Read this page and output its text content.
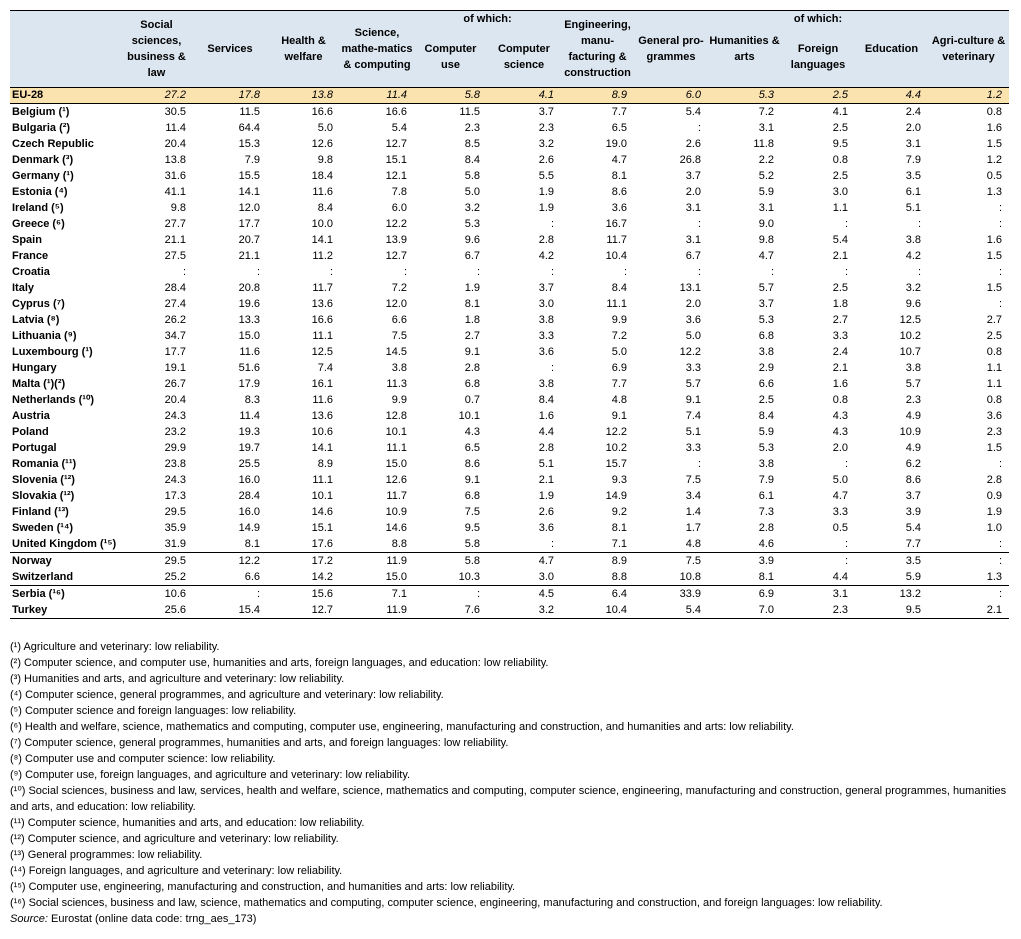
	Social sciences, business & law	Services	Health & welfare	Science, mathe-matics & computing	of which:		Engineering, manu-facturing & construction	General pro-grammes	Humanities & arts	of which:	Education	Agri-culture & veterinary
					Computer use	Computer science				Foreign languages		
EU-28	27.2	17.8	13.8	11.4	5.8	4.1	8.9	6.0	5.3	2.5	4.4	1.2
Belgium (¹)	30.5	11.5	16.6	16.6	11.5	3.7	7.7	5.4	7.2	4.1	2.4	0.8
Bulgaria (²)	11.4	64.4	5.0	5.4	2.3	2.3	6.5	:	3.1	2.5	2.0	1.6
Czech Republic	20.4	15.3	12.6	12.7	8.5	3.2	19.0	2.6	11.8	9.5	3.1	1.5
Denmark (³)	13.8	7.9	9.8	15.1	8.4	2.6	4.7	26.8	2.2	0.8	7.9	1.2
Germany (¹)	31.6	15.5	18.4	12.1	5.8	5.5	8.1	3.7	5.2	2.5	3.5	0.5
Estonia (⁴)	41.1	14.1	11.6	7.8	5.0	1.9	8.6	2.0	5.9	3.0	6.1	1.3
Ireland (⁵)	9.8	12.0	8.4	6.0	3.2	1.9	3.6	3.1	3.1	1.1	5.1	:
Greece (⁶)	27.7	17.7	10.0	12.2	5.3	:	16.7	:	9.0	:	:	:
Spain	21.1	20.7	14.1	13.9	9.6	2.8	11.7	3.1	9.8	5.4	3.8	1.6
France	27.5	21.1	11.2	12.7	6.7	4.2	10.4	6.7	4.7	2.1	4.2	1.5
Croatia	:	:	:	:	:	:	:	:	:	:	:	:
Italy	28.4	20.8	11.7	7.2	1.9	3.7	8.4	13.1	5.7	2.5	3.2	1.5
Cyprus (⁷)	27.4	19.6	13.6	12.0	8.1	3.0	11.1	2.0	3.7	1.8	9.6	:
Latvia (⁸)	26.2	13.3	16.6	6.6	1.8	3.8	9.9	3.6	5.3	2.7	12.5	2.7
Lithuania (⁹)	34.7	15.0	11.1	7.5	2.7	3.3	7.2	5.0	6.8	3.3	10.2	2.5
Luxembourg (¹)	17.7	11.6	12.5	14.5	9.1	3.6	5.0	12.2	3.8	2.4	10.7	0.8
Hungary	19.1	51.6	7.4	3.8	2.8	:	6.9	3.3	2.9	2.1	3.8	1.1
Malta (¹)(²)	26.7	17.9	16.1	11.3	6.8	3.8	7.7	5.7	6.6	1.6	5.7	1.1
Netherlands (¹⁰)	20.4	8.3	11.6	9.9	0.7	8.4	4.8	9.1	2.5	0.8	2.3	0.8
Austria	24.3	11.4	13.6	12.8	10.1	1.6	9.1	7.4	8.4	4.3	4.9	3.6
Poland	23.2	19.3	10.6	10.1	4.3	4.4	12.2	5.1	5.9	4.3	10.9	2.3
Portugal	29.9	19.7	14.1	11.1	6.5	2.8	10.2	3.3	5.3	2.0	4.9	1.5
Romania (¹¹)	23.8	25.5	8.9	15.0	8.6	5.1	15.7	:	3.8	:	6.2	:
Slovenia (¹²)	24.3	16.0	11.1	12.6	9.1	2.1	9.3	7.5	7.9	5.0	8.6	2.8
Slovakia (¹²)	17.3	28.4	10.1	11.7	6.8	1.9	14.9	3.4	6.1	4.7	3.7	0.9
Finland (¹³)	29.5	16.0	14.6	10.9	7.5	2.6	9.2	1.4	7.3	3.3	3.9	1.9
Sweden (¹⁴)	35.9	14.9	15.1	14.6	9.5	3.6	8.1	1.7	2.8	0.5	5.4	1.0
United Kingdom (¹⁵)	31.9	8.1	17.6	8.8	5.8	:	7.1	4.8	4.6	:	7.7	:
Norway	29.5	12.2	17.2	11.9	5.8	4.7	8.9	7.5	3.9	:	3.5	:
Switzerland	25.2	6.6	14.2	15.0	10.3	3.0	8.8	10.8	8.1	4.4	5.9	1.3
Serbia (¹⁶)	10.6	:	15.6	7.1	:	4.5	6.4	33.9	6.9	3.1	13.2	:
Turkey	25.6	15.4	12.7	11.9	7.6	3.2	10.4	5.4	7.0	2.3	9.5	2.1
(¹) Agriculture and veterinary: low reliability.
(²) Computer science, and computer use, humanities and arts, foreign languages, and education: low reliability.
(³) Humanities and arts, and agriculture and veterinary: low reliability.
(⁴) Computer science, general programmes, and agriculture and veterinary: low reliability.
(⁵) Computer science and foreign languages: low reliability.
(⁶) Health and welfare, science, mathematics and computing, computer use, engineering, manufacturing and construction, and humanities and arts: low reliability.
(⁷) Computer science, general programmes, humanities and arts, and foreign languages: low reliability.
(⁸) Computer use and computer science: low reliability.
(⁹) Computer use, foreign languages, and agriculture and veterinary: low reliability.
(¹⁰) Social sciences, business and law, services, health and welfare, science, mathematics and computing, computer science, engineering, manufacturing and construction, general programmes, humanities and arts, and education: low reliability.
(¹¹) Computer science, humanities and arts, and education: low reliability.
(¹²) Computer science, and agriculture and veterinary: low reliability.
(¹³) General programmes: low reliability.
(¹⁴) Foreign languages, and agriculture and veterinary: low reliability.
(¹⁵) Computer use, engineering, manufacturing and construction, and humanities and arts: low reliability.
(¹⁶) Social sciences, business and law, science, mathematics and computing, computer science, engineering, manufacturing and construction, and foreign languages: low reliability.
Source: Eurostat (online data code: trng_aes_173)
